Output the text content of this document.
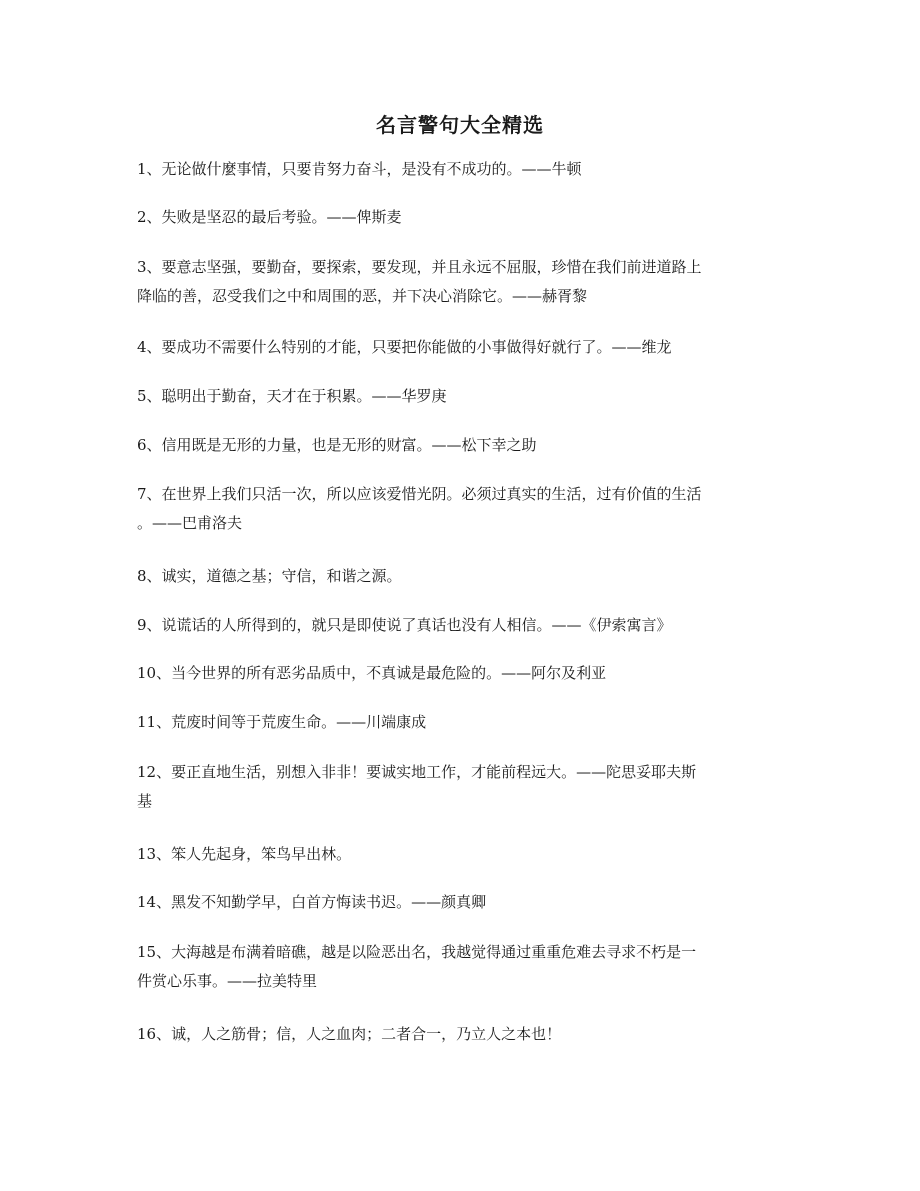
名言警句大全精选

1、无论做什麼事情，只要肯努力奋斗，是没有不成功的。——牛顿

2、失败是坚忍的最后考验。——俾斯麦

3、要意志坚强，要勤奋，要探索，要发现，并且永远不屈服，珍惜在我们前进道路上
降临的善，忍受我们之中和周围的恶，并下决心消除它。——赫胥黎

4、要成功不需要什么特别的才能，只要把你能做的小事做得好就行了。——维龙

5、聪明出于勤奋，天才在于积累。——华罗庚

6、信用既是无形的力量，也是无形的财富。——松下幸之助

7、在世界上我们只活一次，所以应该爱惜光阴。必须过真实的生活，过有价值的生活
。——巴甫洛夫

8、诚实，道德之基；守信，和谐之源。

9、说谎话的人所得到的，就只是即使说了真话也没有人相信。——《伊索寓言》

10、当今世界的所有恶劣品质中，不真诚是最危险的。——阿尔及利亚

11、荒废时间等于荒废生命。——川端康成

12、要正直地生活，别想入非非！要诚实地工作，才能前程远大。——陀思妥耶夫斯
基

13、笨人先起身，笨鸟早出林。

14、黑发不知勤学早，白首方悔读书迟。——颜真卿

15、大海越是布满着暗礁，越是以险恶出名，我越觉得通过重重危难去寻求不朽是一
件赏心乐事。——拉美特里

16、诚，人之筋骨；信，人之血肉；二者合一，乃立人之本也！
